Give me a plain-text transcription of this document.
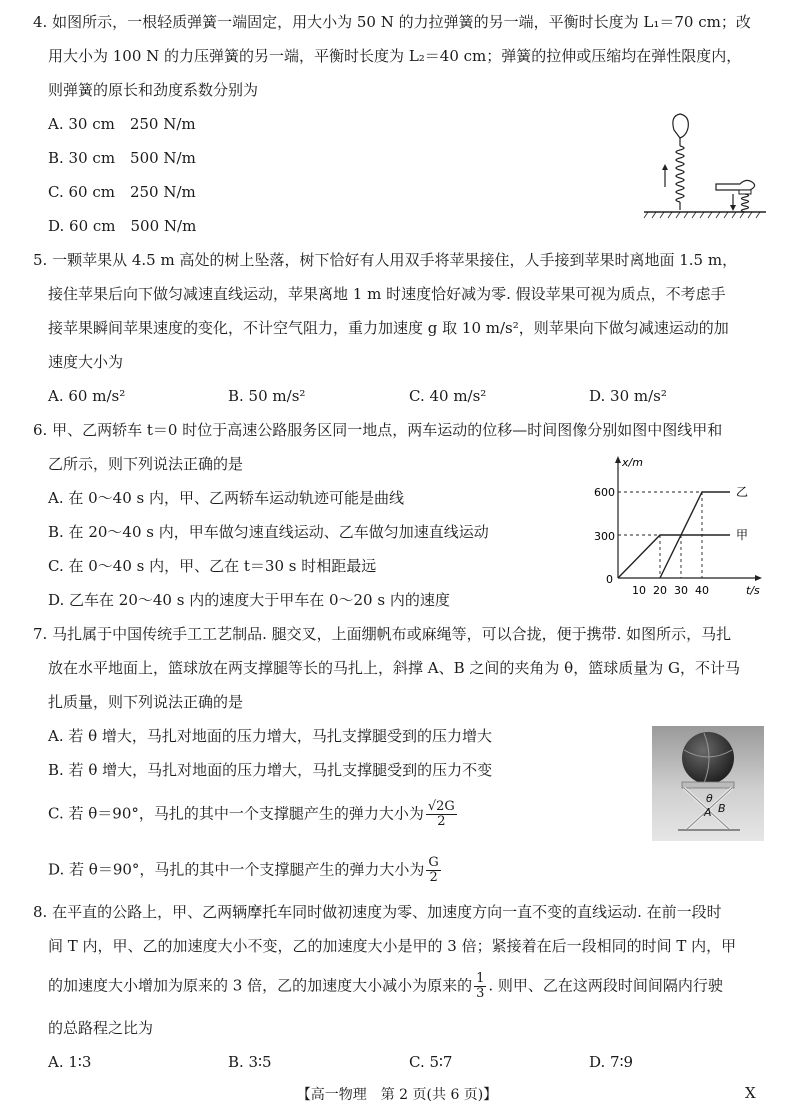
4. 如图所示，一根轻质弹簧一端固定，用大小为 50 N 的力拉弹簧的另一端，平衡时长度为 L₁＝70 cm；改
用大小为 100 N 的力压弹簧的另一端，平衡时长度为 L₂＝40 cm；弹簧的拉伸或压缩均在弹性限度内，
则弹簧的原长和劲度系数分别为
A. 30 cm　250 N/m
B. 30 cm　500 N/m
C. 60 cm　250 N/m
D. 60 cm　500 N/m
5. 一颗苹果从 4.5 m 高处的树上坠落，树下恰好有人用双手将苹果接住，人手接到苹果时离地面 1.5 m，
接住苹果后向下做匀减速直线运动，苹果离地 1 m 时速度恰好减为零. 假设苹果可视为质点，不考虑手
接苹果瞬间苹果速度的变化，不计空气阻力，重力加速度 g 取 10 m/s²，则苹果向下做匀减速运动的加
速度大小为
A. 60 m/s²	B. 50 m/s²	C. 40 m/s²	D. 30 m/s²
6. 甲、乙两轿车 t＝0 时位于高速公路服务区同一地点，两车运动的位移—时间图像分别如图中图线甲和
乙所示，则下列说法正确的是
A. 在 0～40 s 内，甲、乙两轿车运动轨迹可能是曲线
B. 在 20～40 s 内，甲车做匀速直线运动、乙车做匀加速直线运动
C. 在 0～40 s 内，甲、乙在 t＝30 s 时相距最远
D. 乙车在 20～40 s 内的速度大于甲车在 0～20 s 内的速度
x/m
t/s
600
300
0
10 20 30 40
乙
甲
7. 马扎属于中国传统手工工艺制品. 腿交叉，上面绷帆布或麻绳等，可以合拢，便于携带. 如图所示，马扎
放在水平地面上，篮球放在两支撑腿等长的马扎上，斜撑 A、B 之间的夹角为 θ，篮球质量为 G，不计马
扎质量，则下列说法正确的是
A. 若 θ 增大，马扎对地面的压力增大，马扎支撑腿受到的压力增大
B. 若 θ 增大，马扎对地面的压力增大，马扎支撑腿受到的压力不变
C. 若 θ＝90°，马扎的其中一个支撑腿产生的弹力大小为 $\frac{√2G}{2}$
D. 若 θ＝90°，马扎的其中一个支撑腿产生的弹力大小为 $\frac{G}{2}$
θ
A B
8. 在平直的公路上，甲、乙两辆摩托车同时做初速度为零、加速度方向一直不变的直线运动. 在前一段时
间 T 内，甲、乙的加速度大小不变，乙的加速度大小是甲的 3 倍；紧接着在后一段相同的时间 T 内，甲
的加速度大小增加为原来的 3 倍，乙的加速度大小减小为原来的 $\frac{1}{3}$ . 则甲、乙在这两段时间间隔内行驶
的总路程之比为
A. 1∶3	B. 3∶5	C. 5∶7	D. 7∶9
【高一物理　第 2 页(共 6 页)】	X
